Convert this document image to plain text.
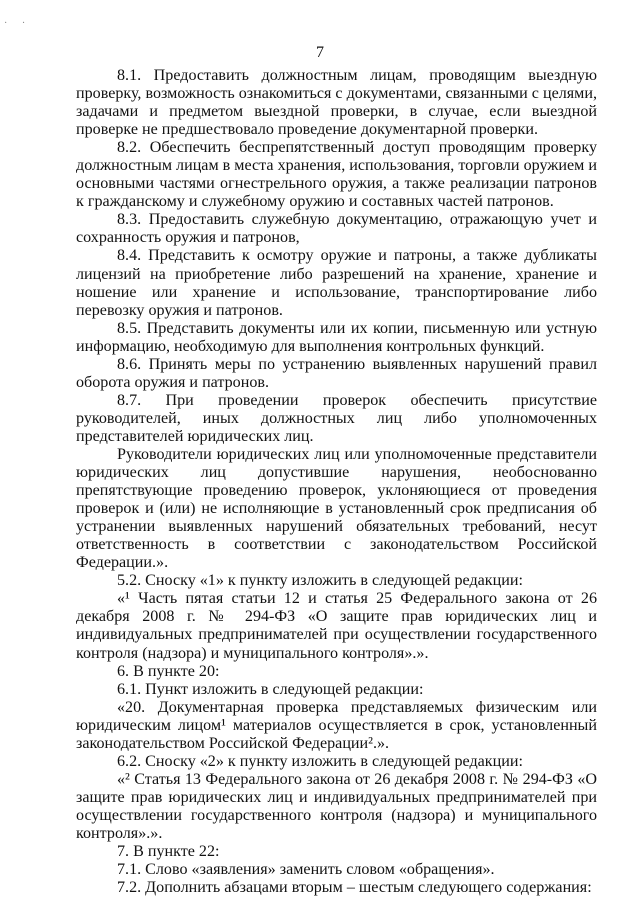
· ·
7

8.1. Предоставить должностным лицам, проводящим выездную проверку, возможность ознакомиться с документами, связанными с целями, задачами и предметом выездной проверки, в случае, если выездной проверке не предшествовало проведение документарной проверки.

8.2. Обеспечить беспрепятственный доступ проводящим проверку должностным лицам в места хранения, использования, торговли оружием и основными частями огнестрельного оружия, а также реализации патронов к гражданскому и служебному оружию и составных частей патронов.

8.3. Предоставить служебную документацию, отражающую учет и сохранность оружия и патронов,

8.4. Представить к осмотру оружие и патроны, а также дубликаты лицензий на приобретение либо разрешений на хранение, хранение и ношение или хранение и использование, транспортирование либо перевозку оружия и патронов.

8.5. Представить документы или их копии, письменную или устную информацию, необходимую для выполнения контрольных функций.

8.6. Принять меры по устранению выявленных нарушений правил оборота оружия и патронов.

8.7. При проведении проверок обеспечить присутствие руководителей, иных должностных лиц либо уполномоченных представителей юридических лиц.

Руководители юридических лиц или уполномоченные представители юридических лиц допустившие нарушения, необоснованно препятствующие проведению проверок, уклоняющиеся от проведения проверок и (или) не исполняющие в установленный срок предписания об устранении выявленных нарушений обязательных требований, несут ответственность в соответствии с законодательством Российской Федерации.».

5.2. Сноску «1» к пункту изложить в следующей редакции:

«¹ Часть пятая статьи 12 и статья 25 Федерального закона от 26 декабря 2008 г. № 294-ФЗ «О защите прав юридических лиц и индивидуальных предпринимателей при осуществлении государственного контроля (надзора) и муниципального контроля».».

6. В пункте 20:

6.1. Пункт изложить в следующей редакции:

«20. Документарная проверка представляемых физическим или юридическим лицом¹ материалов осуществляется в срок, установленный законодательством Российской Федерации².».

6.2. Сноску «2» к пункту изложить в следующей редакции:

«² Статья 13 Федерального закона от 26 декабря 2008 г. № 294-ФЗ «О защите прав юридических лиц и индивидуальных предпринимателей при осуществлении государственного контроля (надзора) и муниципального контроля».».

7. В пункте 22:

7.1. Слово «заявления» заменить словом «обращения».

7.2. Дополнить абзацами вторым – шестым следующего содержания:
